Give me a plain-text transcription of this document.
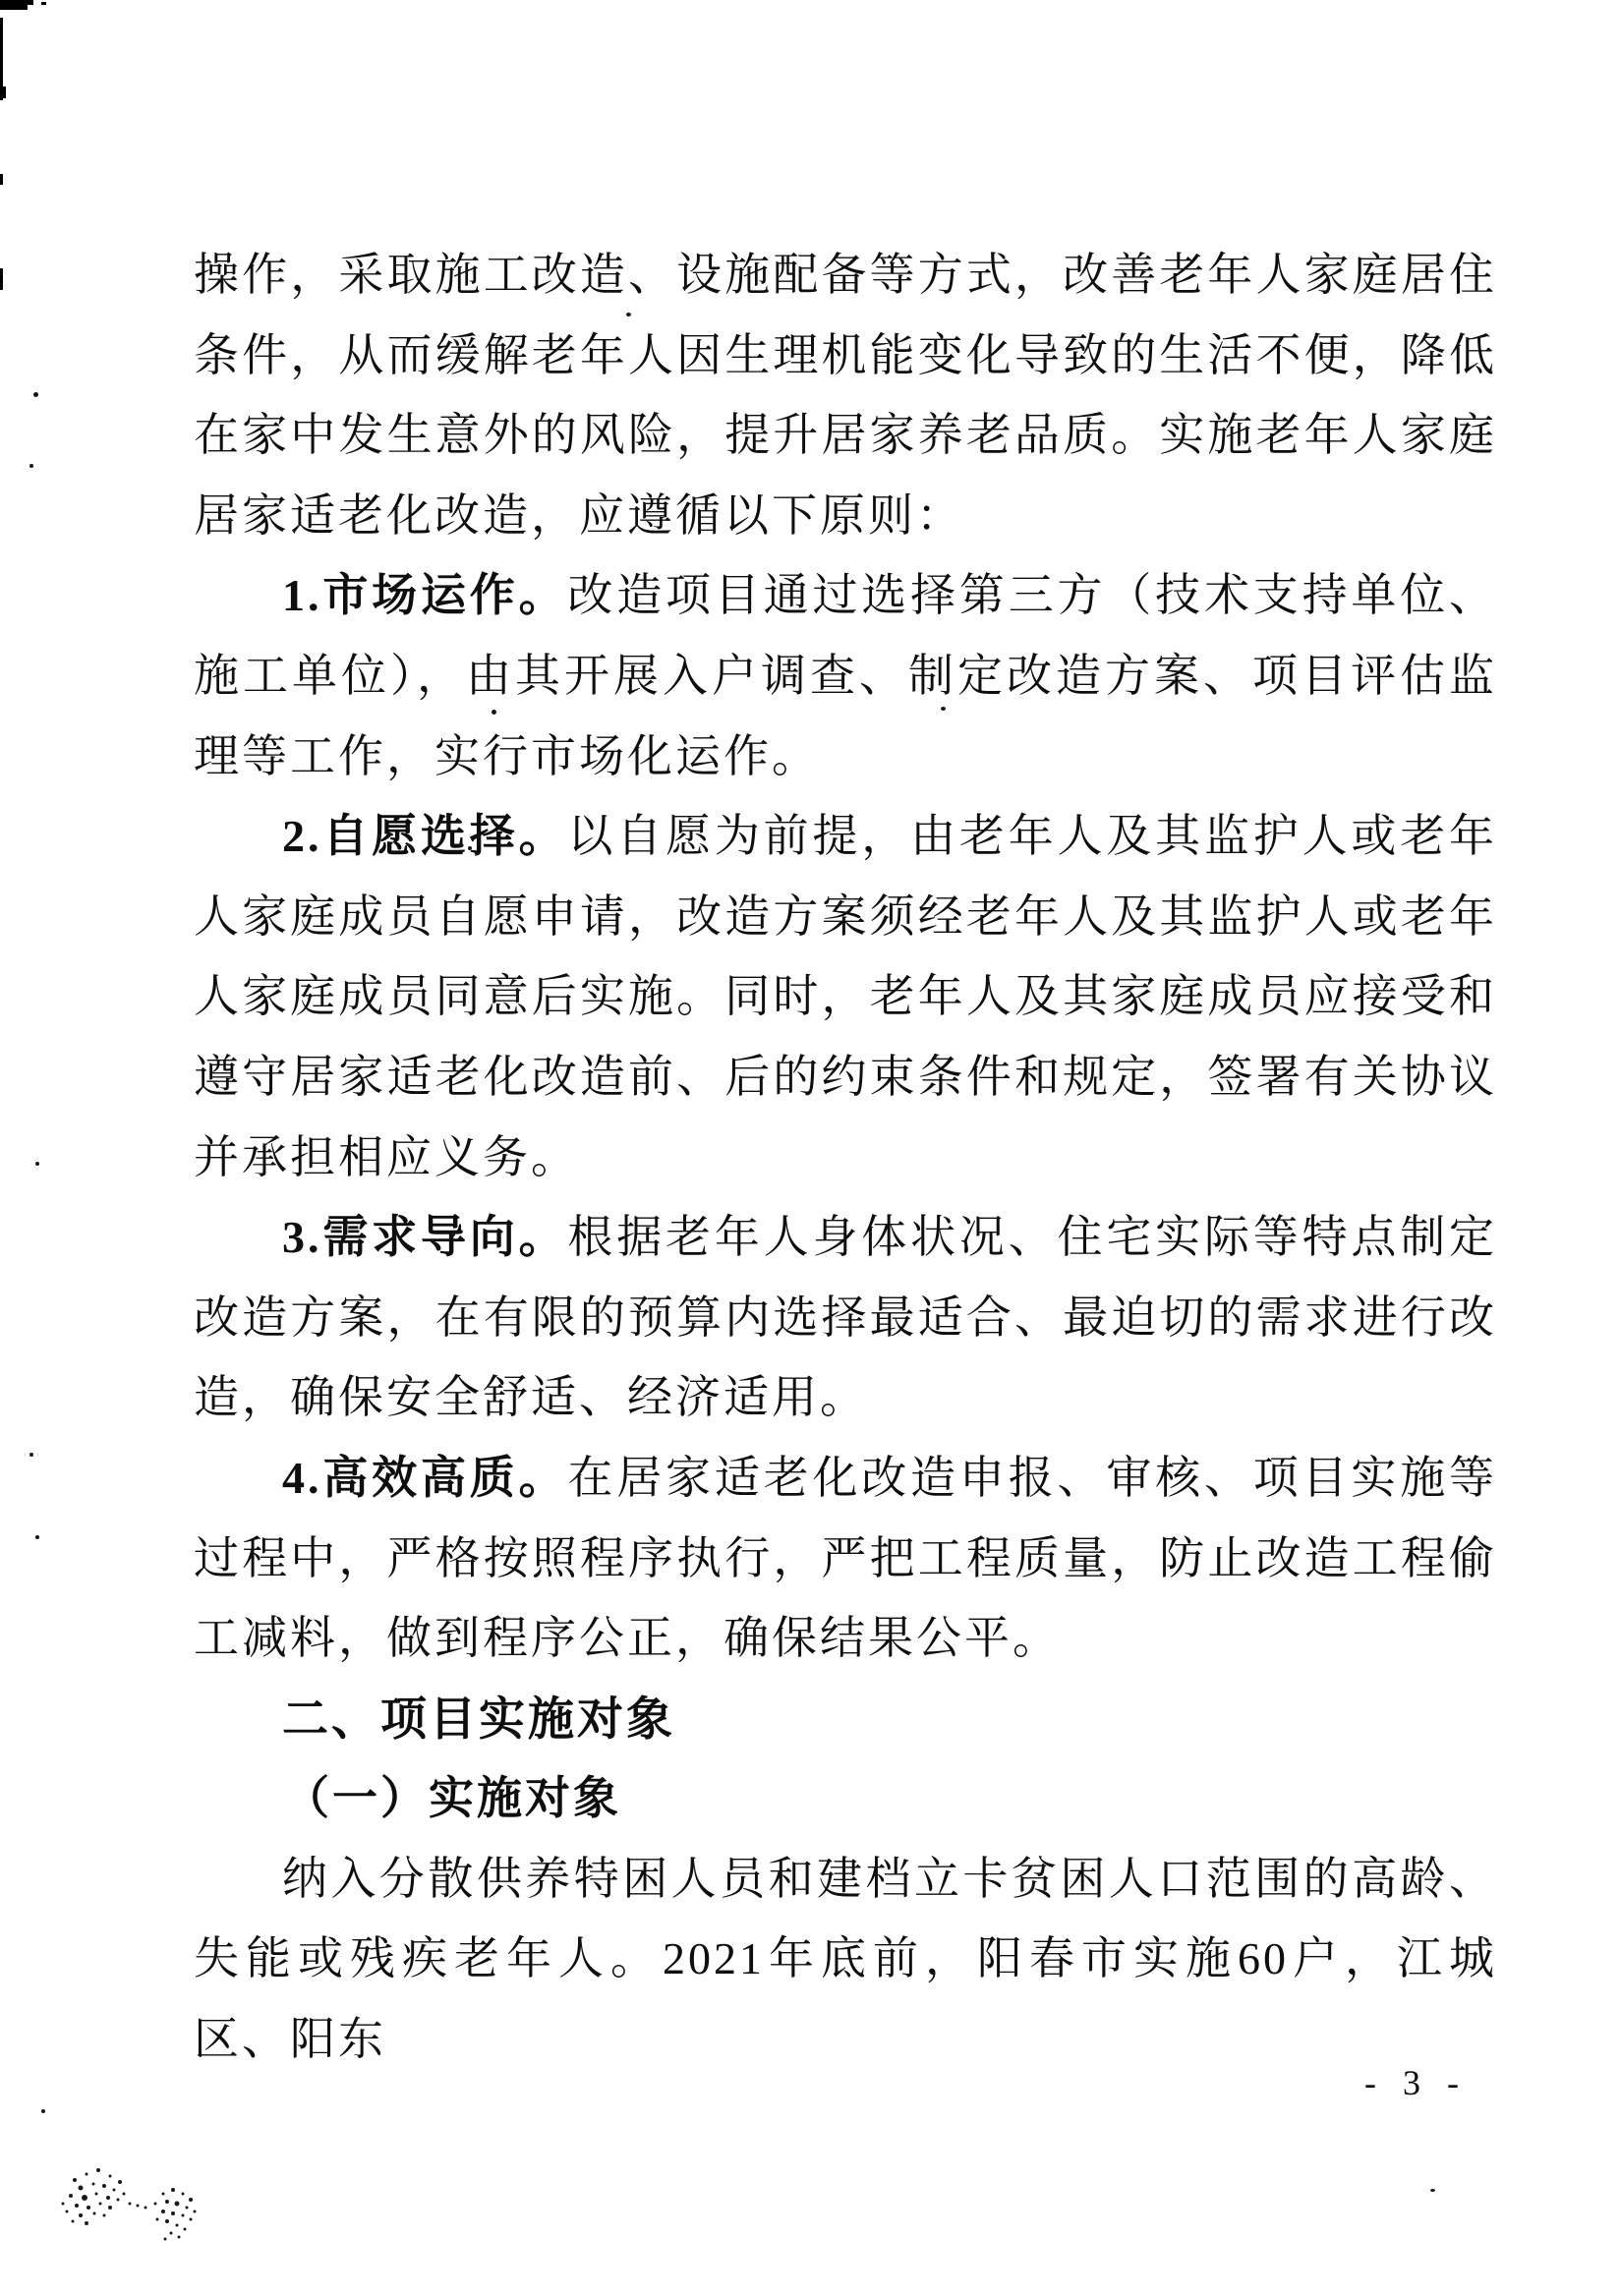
操作，采取施工改造、设施配备等方式，改善老年人家庭居住条件，从而缓解老年人因生理机能变化导致的生活不便，降低在家中发生意外的风险，提升居家养老品质。实施老年人家庭居家适老化改造，应遵循以下原则：

1.市场运作。改造项目通过选择第三方（技术支持单位、施工单位），由其开展入户调查、制定改造方案、项目评估监理等工作，实行市场化运作。

2.自愿选择。以自愿为前提，由老年人及其监护人或老年人家庭成员自愿申请，改造方案须经老年人及其监护人或老年人家庭成员同意后实施。同时，老年人及其家庭成员应接受和遵守居家适老化改造前、后的约束条件和规定，签署有关协议并承担相应义务。

3.需求导向。根据老年人身体状况、住宅实际等特点制定改造方案，在有限的预算内选择最适合、最迫切的需求进行改造，确保安全舒适、经济适用。

4.高效高质。在居家适老化改造申报、审核、项目实施等过程中，严格按照程序执行，严把工程质量，防止改造工程偷工减料，做到程序公正，确保结果公平。

二、项目实施对象
（一）实施对象

纳入分散供养特困人员和建档立卡贫困人口范围的高龄、失能或残疾老年人。2021年底前，阳春市实施60户，江城区、阳东

- 3 -
